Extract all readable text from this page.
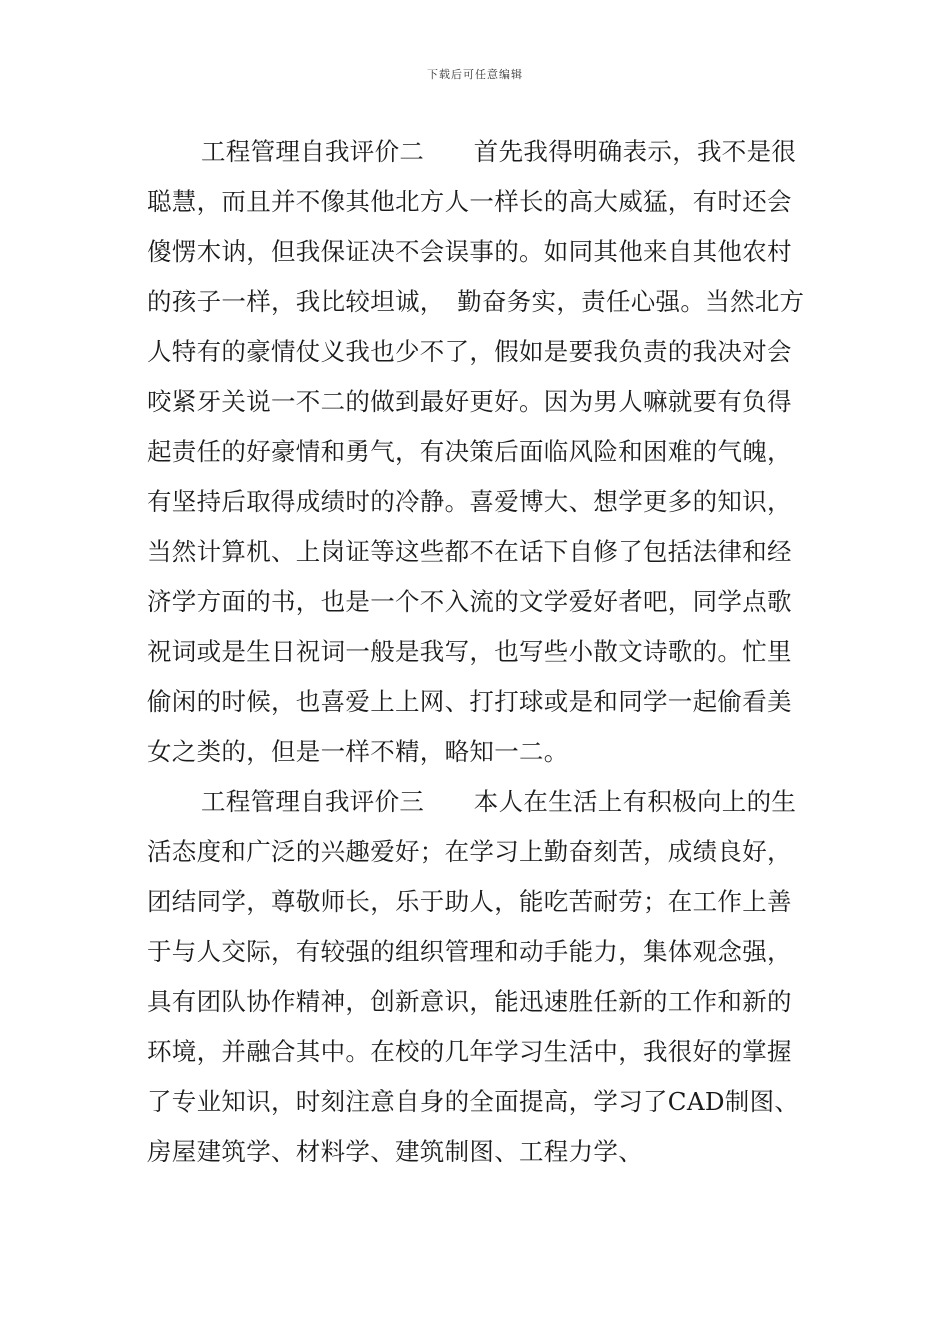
下载后可任意编辑

工程管理自我评价二　　首先我得明确表示，我不是很聪慧，而且并不像其他北方人一样长的高大威猛，有时还会傻愣木讷，但我保证决不会误事的。如同其他来自其他农村的孩子一样，我比较坦诚，　勤奋务实，责任心强。当然北方人特有的豪情仗义我也少不了，假如是要我负责的我决对会咬紧牙关说一不二的做到最好更好。因为男人嘛就要有负得起责任的好豪情和勇气，有决策后面临风险和困难的气魄，有坚持后取得成绩时的冷静。喜爱博大、想学更多的知识，当然计算机、上岗证等这些都不在话下自修了包括法律和经济学方面的书，也是一个不入流的文学爱好者吧，同学点歌祝词或是生日祝词一般是我写，也写些小散文诗歌的。忙里偷闲的时候，也喜爱上上网、打打球或是和同学一起偷看美女之类的，但是一样不精，略知一二。

工程管理自我评价三　　本人在生活上有积极向上的生活态度和广泛的兴趣爱好；在学习上勤奋刻苦，成绩良好，团结同学，尊敬师长，乐于助人，能吃苦耐劳；在工作上善于与人交际，有较强的组织管理和动手能力，集体观念强，具有团队协作精神，创新意识，能迅速胜任新的工作和新的环境，并融合其中。在校的几年学习生活中，我很好的掌握了专业知识，时刻注意自身的全面提高，学习了CAD制图、房屋建筑学、材料学、建筑制图、工程力学、
